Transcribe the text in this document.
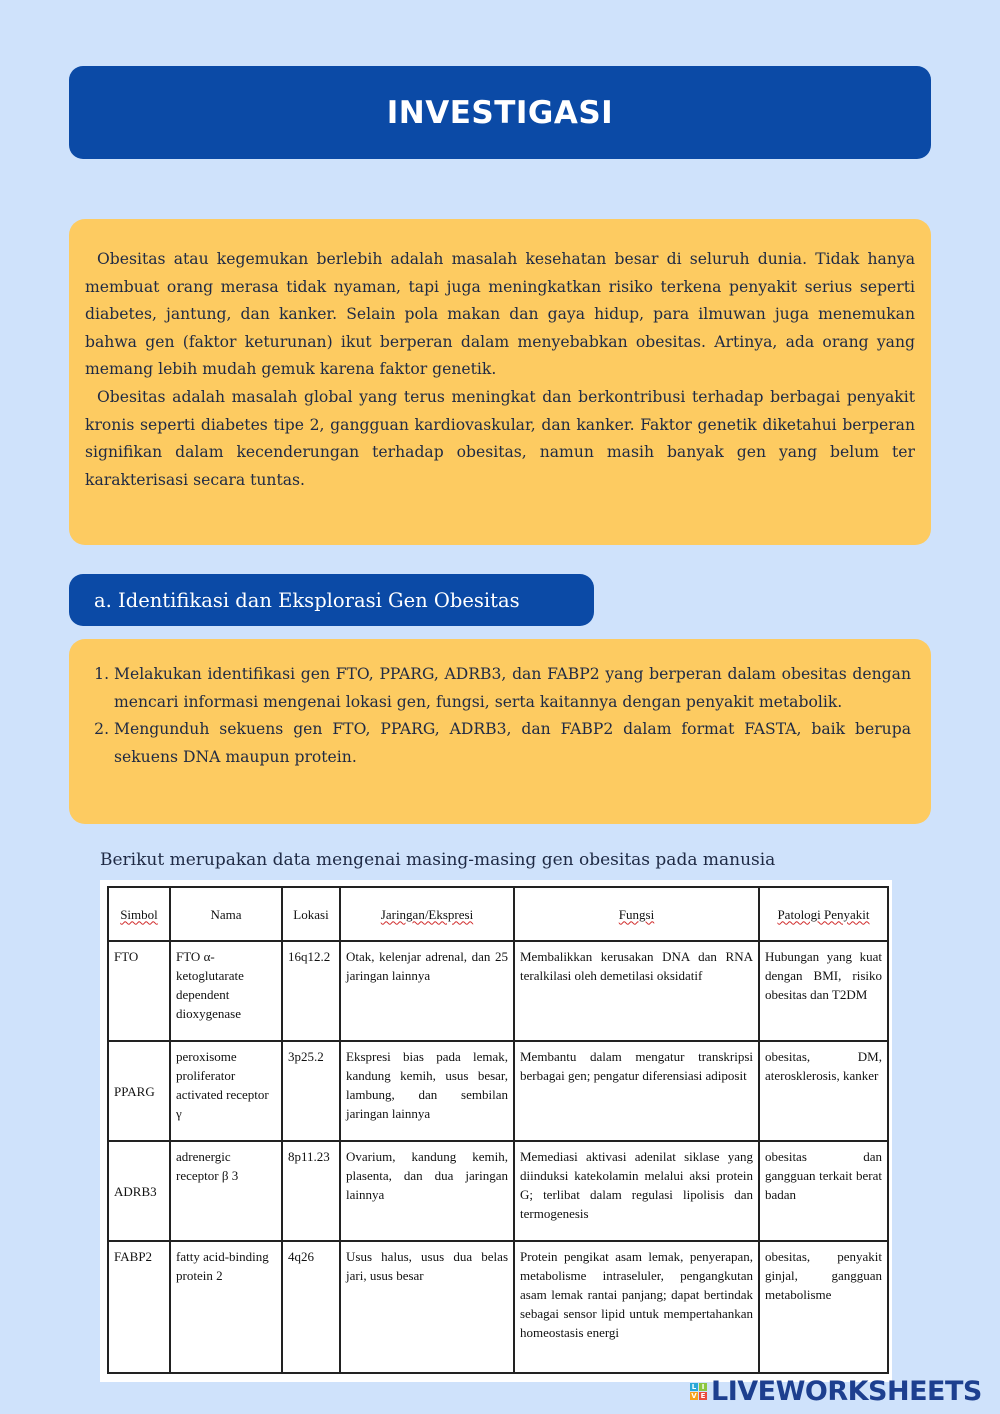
INVESTIGASI

Obesitas atau kegemukan berlebih adalah masalah kesehatan besar di seluruh dunia. Tidak hanya membuat orang merasa tidak nyaman, tapi juga meningkatkan risiko terkena penyakit serius seperti diabetes, jantung, dan kanker. Selain pola makan dan gaya hidup, para ilmuwan juga menemukan bahwa gen (faktor keturunan) ikut berperan dalam menyebabkan obesitas. Artinya, ada orang yang memang lebih mudah gemuk karena faktor genetik.

Obesitas adalah masalah global yang terus meningkat dan berkontribusi terhadap berbagai penyakit kronis seperti diabetes tipe 2, gangguan kardiovaskular, dan kanker. Faktor genetik diketahui berperan signifikan dalam kecenderungan terhadap obesitas, namun masih banyak gen yang belum ter karakterisasi secara tuntas.

a. Identifikasi dan Eksplorasi Gen Obesitas
1. Melakukan identifikasi gen FTO, PPARG, ADRB3, dan FABP2 yang berperan dalam obesitas dengan mencari informasi mengenai lokasi gen, fungsi, serta kaitannya dengan penyakit metabolik.
2. Mengunduh sekuens gen FTO, PPARG, ADRB3, dan FABP2 dalam format FASTA, baik berupa sekuens DNA maupun protein.
Berikut merupakan data mengenai masing-masing gen obesitas pada manusia
Simbol	Nama	Lokasi	Jaringan/Ekspresi	Fungsi	Patologi Penyakit
FTO	FTO α-ketoglutarate dependent dioxygenase	16q12.2	Otak, kelenjar adrenal, dan 25 jaringan lainnya	Membalikkan kerusakan DNA dan RNA teralkilasi oleh demetilasi oksidatif	Hubungan yang kuat dengan BMI, risiko obesitas dan T2DM
PPARG	peroxisome proliferator activated receptor γ	3p25.2	Ekspresi bias pada lemak, kandung kemih, usus besar, lambung, dan sembilan jaringan lainnya	Membantu dalam mengatur transkripsi berbagai gen; pengatur diferensiasi adiposit	obesitas, DM, aterosklerosis, kanker
ADRB3	adrenergic receptor β 3	8p11.23	Ovarium, kandung kemih, plasenta, dan dua jaringan lainnya	Memediasi aktivasi adenilat siklase yang diinduksi katekolamin melalui aksi protein G; terlibat dalam regulasi lipolisis dan termogenesis	obesitas dan gangguan terkait berat badan
FABP2	fatty acid-binding protein 2	4q26	Usus halus, usus dua belas jari, usus besar	Protein pengikat asam lemak, penyerapan, metabolisme intraseluler, pengangkutan asam lemak rantai panjang; dapat bertindak sebagai sensor lipid untuk mempertahankan homeostasis energi	obesitas, penyakit ginjal, gangguan metabolisme
L I
V E LIVEWORKSHEETS
